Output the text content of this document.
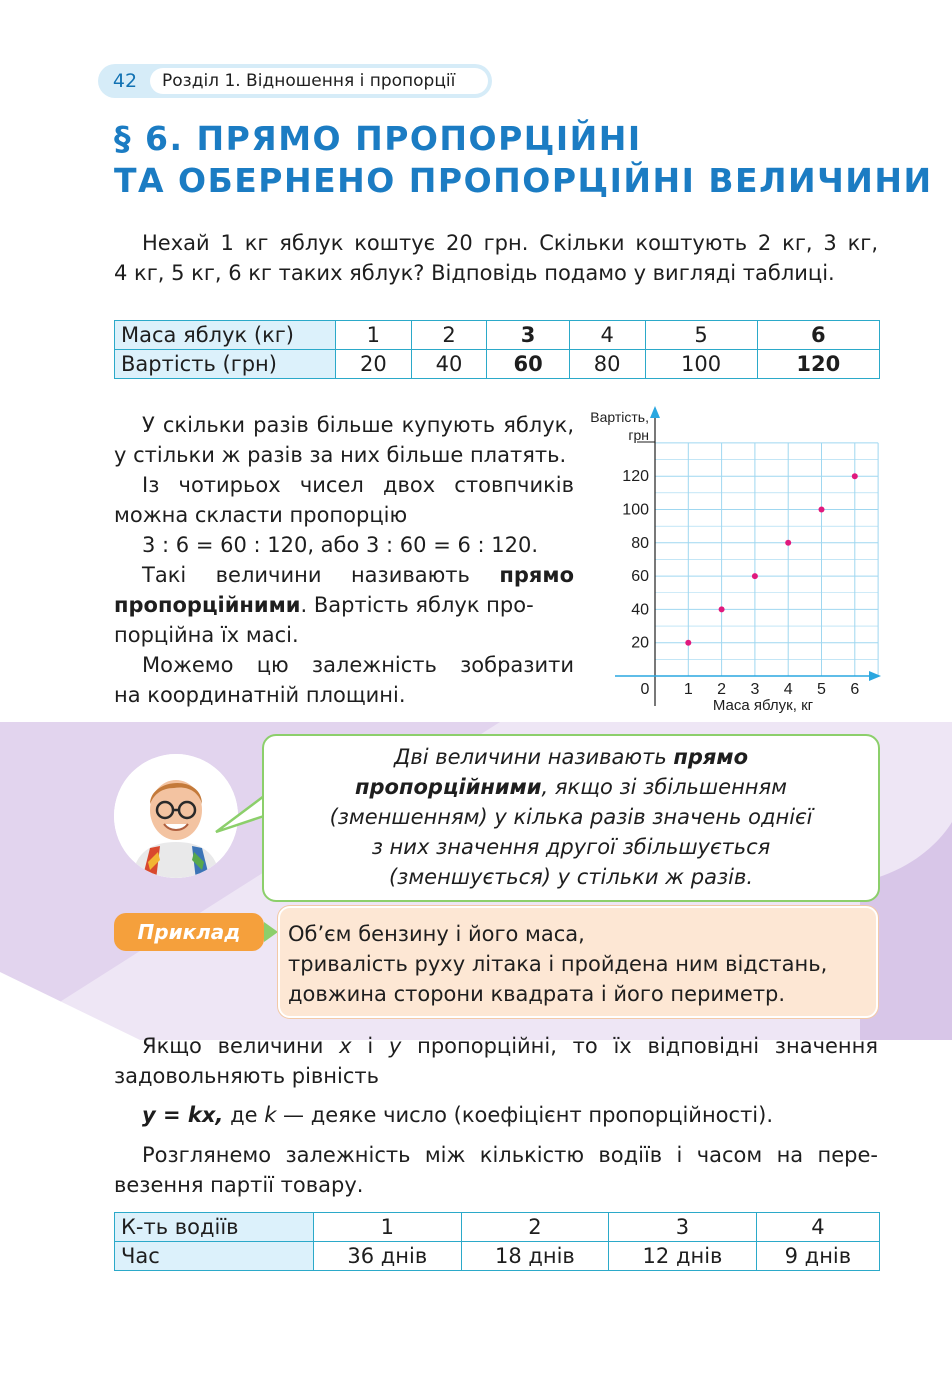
42	Розділ 1. Відношення і пропорції
§ 6. ПРЯМО ПРОПОРЦІЙНІ
ТА ОБЕРНЕНО ПРОПОРЦІЙНІ ВЕЛИЧИНИ
Нехай 1 кг яблук коштує 20 грн. Скільки коштують 2 кг, 3 кг,
4 кг, 5 кг, 6 кг таких яблук? Відповідь подамо у вигляді таблиці.
Маса яблук (кг)	1	2	3	4	5	6
Вартість (грн)	20	40	60	80	100	120
У скільки разів більше купують яблук,
у стільки ж разів за них більше платять.
Із чотирьох чисел двох стовпчиків
можна скласти пропорцію
3 : 6 = 60 : 120, або 3 : 60 = 6 : 120.
Такі величини називають прямо
пропорційними. Вартість яблук про-
порційна їх масі.
Можемо цю залежність зобразити
на координатній площині.	1 2 3 4 5 6
20
40
60
80
100
120
Вартість,
грн
Маса яблук, кг
0
Дві величини називають прямо
пропорційними, якщо зі збільшенням
(зменшенням) у кілька разів значень однієї
з них значення другої збільшується
(зменшується) у стільки ж разів.
Приклад	Об’єм бензину і його маса,
тривалість руху літака і пройдена ним відстань,
довжина сторони квадрата і його периметр.
Якщо величини x і y пропорційні, то їх відповідні значення
задовольняють рівність
y = kx, де k — деяке число (коефіцієнт пропорційності).
Розглянемо залежність між кількістю водіїв і часом на пере-
везення партії товару.
К-ть водіїв	1	2	3	4
Час	36 днів	18 днів	12 днів	9 днів
